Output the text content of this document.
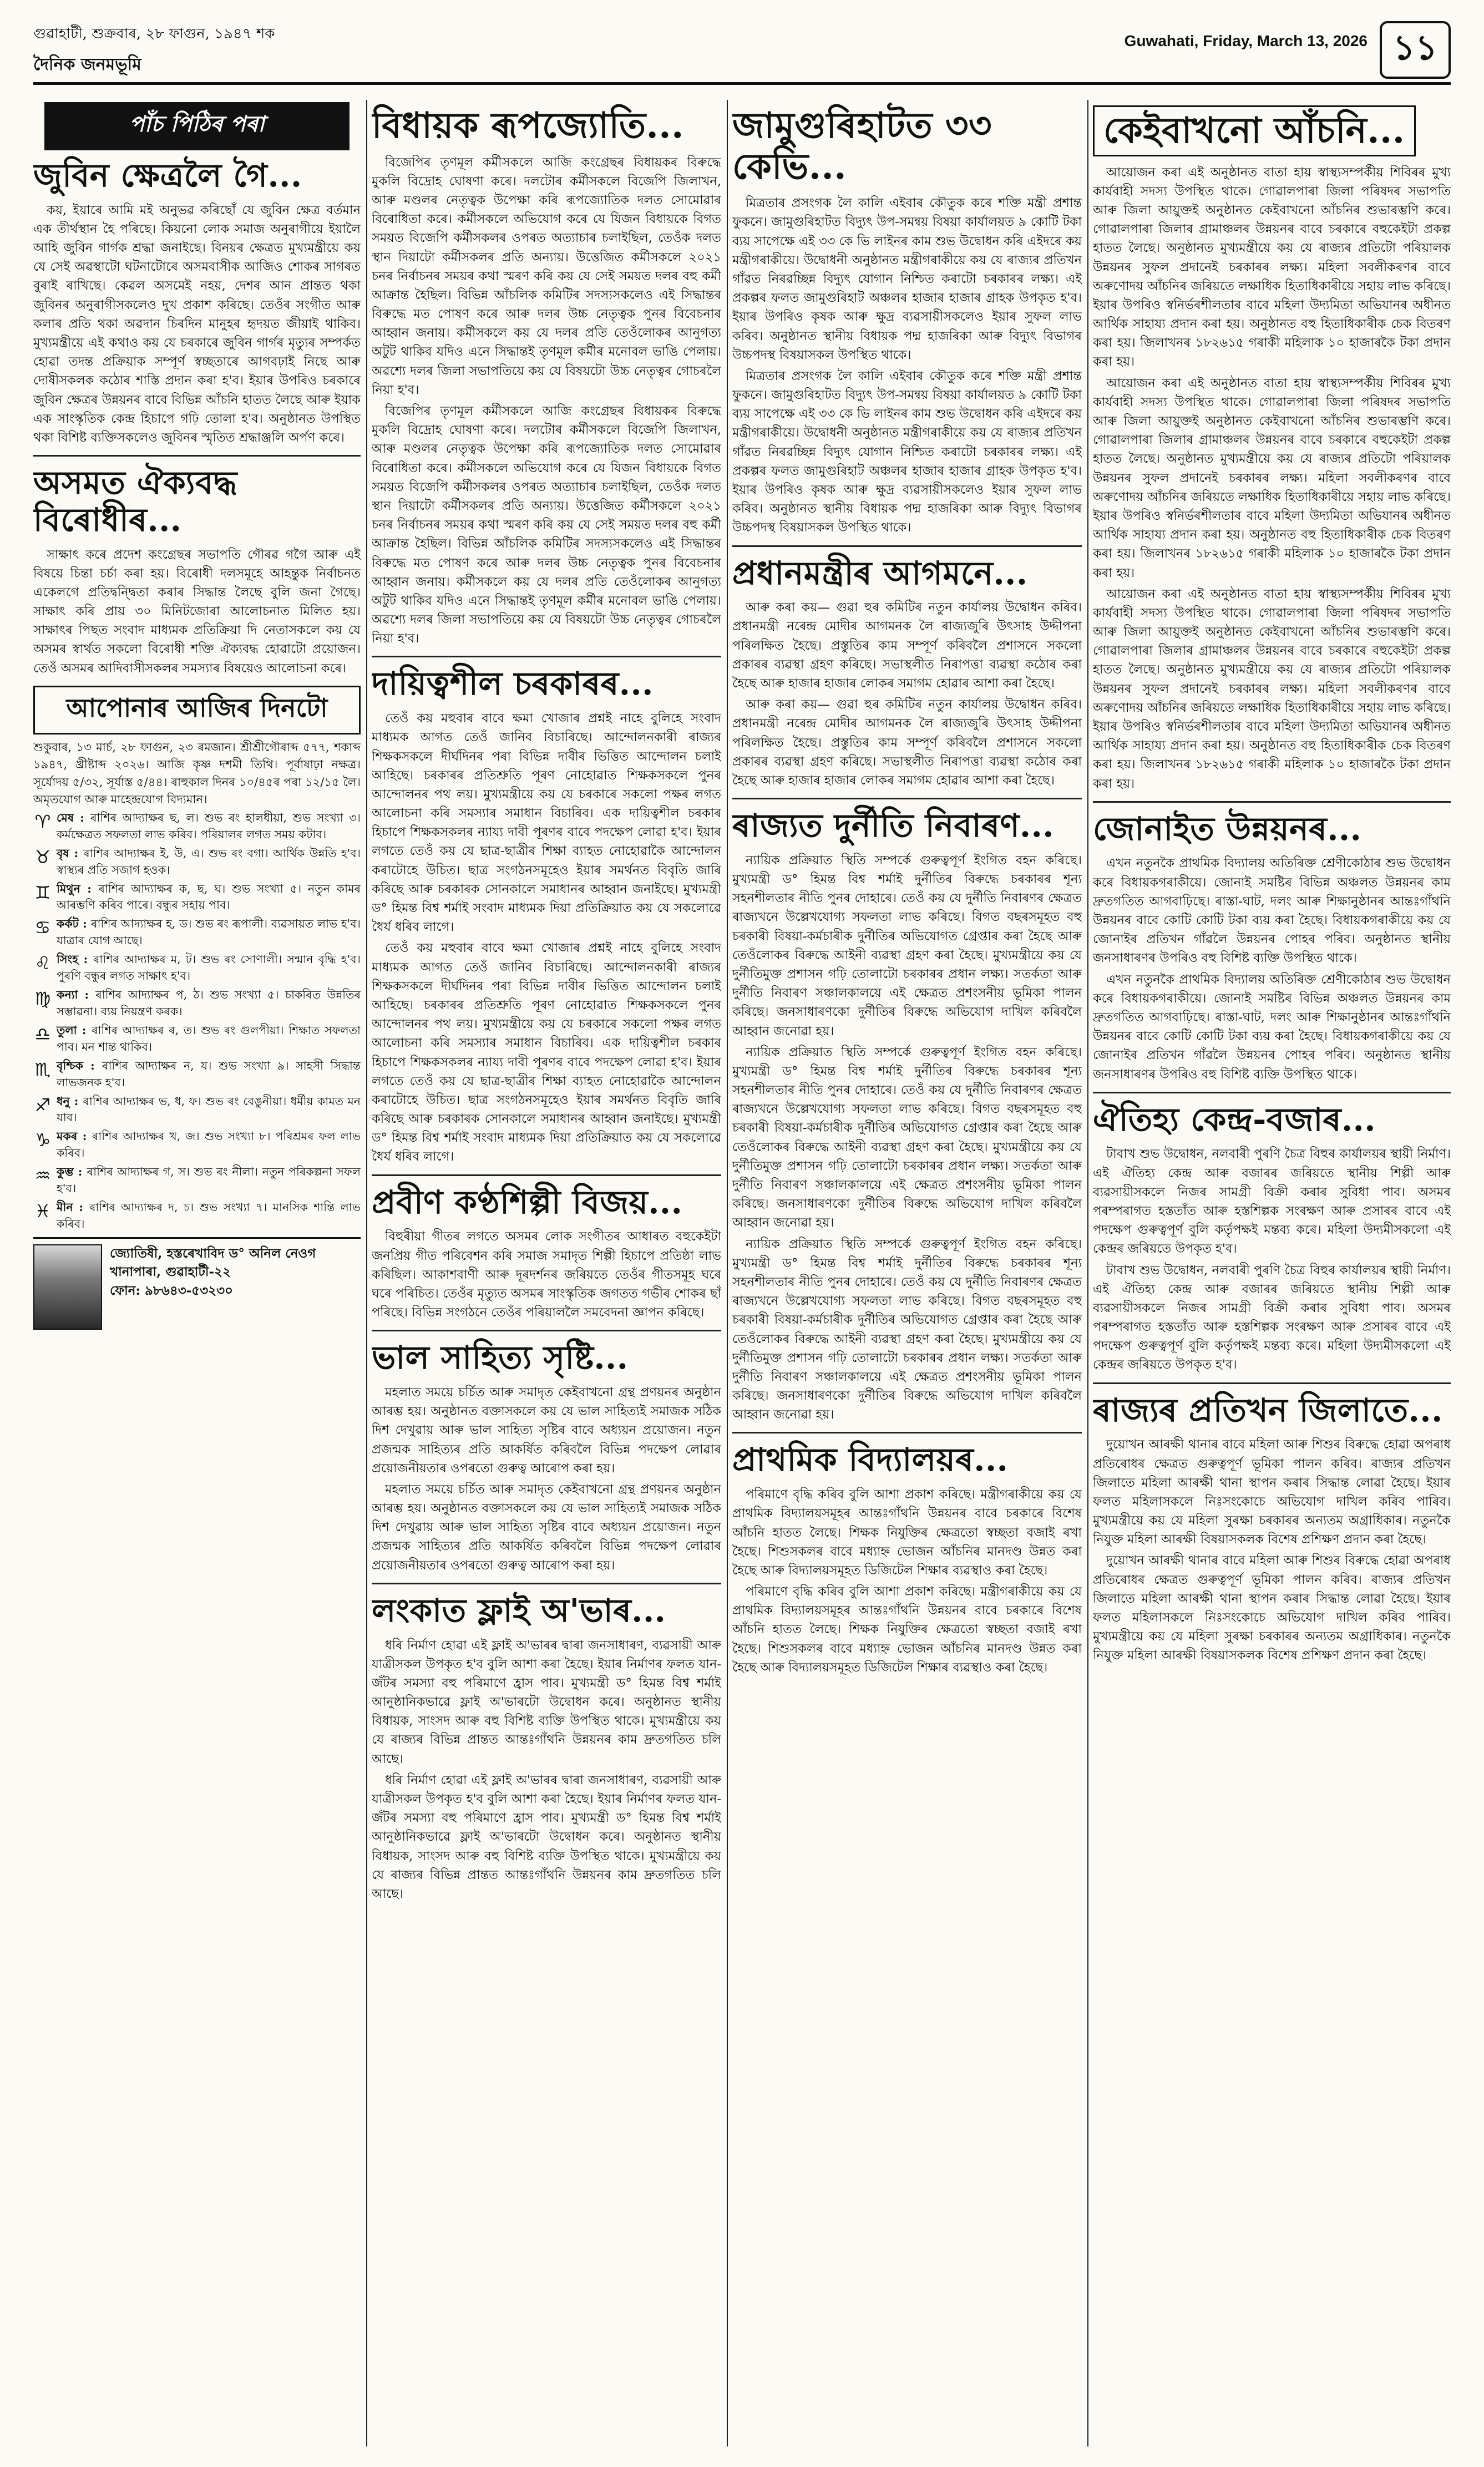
গুৱাহাটী, শুক্ৰবাৰ, ২৮ ফাগুন, ১৯৪৭ শক
দৈনিক জনমভূমি
Guwahati, Friday, March 13, 2026 ১১
পাঁচ পিঠিৰ পৰা
জুবিন ক্ষেত্ৰলৈ গৈ...

কয়, ইয়াৰে আমি মই অনুভৱ কৰিছোঁ যে জুবিন ক্ষেত্ৰ বৰ্তমান এক তীৰ্থস্থান হৈ পৰিছে। কিয়নো লোক সমাজ অনুৰাগীয়ে ইয়ালৈ আহি জুবিন গাৰ্গক শ্ৰদ্ধা জনাইছে। বিনয়ৰ ক্ষেত্ৰত মুখ্যমন্ত্ৰীয়ে কয় যে সেই অৱস্থাটো ঘটনাটোৰে অসমবাসীক আজিও শোকৰ সাগৰত বুৰাই ৰাখিছে। কেৱল অসমেই নহয়, দেশৰ আন প্ৰান্তত থকা জুবিনৰ অনুৰাগীসকলেও দুখ প্ৰকাশ কৰিছে। তেওঁৰ সংগীত আৰু কলাৰ প্ৰতি থকা অৱদান চিৰদিন মানুহৰ হৃদয়ত জীয়াই থাকিব। মুখ্যমন্ত্ৰীয়ে এই কথাও কয় যে চৰকাৰে জুবিন গাৰ্গৰ মৃত্যুৰ সম্পৰ্কত হোৱা তদন্ত প্ৰক্ৰিয়াক সম্পূৰ্ণ স্বচ্ছতাৰে আগবঢ়াই নিছে আৰু দোষীসকলক কঠোৰ শাস্তি প্ৰদান কৰা হ'ব। ইয়াৰ উপৰিও চৰকাৰে জুবিন ক্ষেত্ৰৰ উন্নয়নৰ বাবে বিভিন্ন আঁচনি হাতত লৈছে আৰু ইয়াক এক সাংস্কৃতিক কেন্দ্ৰ হিচাপে গঢ়ি তোলা হ'ব। অনুষ্ঠানত উপস্থিত থকা বিশিষ্ট ব্যক্তিসকলেও জুবিনৰ স্মৃতিত শ্ৰদ্ধাঞ্জলি অৰ্পণ কৰে।

অসমত ঐক্যবদ্ধ বিৰোধীৰ...

সাক্ষাৎ কৰে প্ৰদেশ কংগ্ৰেছৰ সভাপতি গৌৰৱ গগৈ আৰু এই বিষয়ে চিন্তা চৰ্চা কৰা হয়। বিৰোধী দলসমূহে আহন্তুক নিৰ্বাচনত একেলগে প্ৰতিদ্বন্দ্বিতা কৰাৰ সিদ্ধান্ত লৈছে বুলি জনা গৈছে। সাক্ষাৎ কৰি প্ৰায় ৩০ মিনিটজোৰা আলোচনাত মিলিত হয়। সাক্ষাৎৰ পিছত সংবাদ মাধ্যমক প্ৰতিক্ৰিয়া দি নেতাসকলে কয় যে অসমৰ স্বাৰ্থত সকলো বিৰোধী শক্তি ঐক্যবদ্ধ হোৱাটো প্ৰয়োজন। তেওঁ অসমৰ আদিবাসীসকলৰ সমস্যাৰ বিষয়েও আলোচনা কৰে।

আপোনাৰ আজিৰ দিনটো
শুকুবাৰ, ১৩ মাৰ্চ, ২৮ ফাগুন, ২৩ ৰমজান। শ্ৰীশ্ৰীগৌৰাব্দ ৫৭৭, শকাব্দ ১৯৪৭, খ্ৰীষ্টাব্দ ২০২৬। আজি কৃষ্ণ দশমী তিথি। পূৰ্বাষাঢ়া নক্ষত্ৰ। সূৰ্যোদয় ৫/৩২, সূৰ্যাস্ত ৫/৪৪। ৰাহুকাল দিনৰ ১০/৪৫ৰ পৰা ১২/১৫ লৈ। অমৃতযোগ আৰু মাহেন্দ্ৰযোগ বিদ্যমান।
♈ মেষ : ৰাশিৰ আদ্যাক্ষৰ ছ, ল। শুভ ৰং হালধীয়া, শুভ সংখ্যা ৩। কৰ্মক্ষেত্ৰত সফলতা লাভ কৰিব। পৰিয়ালৰ লগত সময় কটাব।
♉ বৃষ : ৰাশিৰ আদ্যাক্ষৰ ই, উ, এ। শুভ ৰং বগা। আৰ্থিক উন্নতি হ'ব। স্বাস্থ্যৰ প্ৰতি সজাগ হওক।
♊ মিথুন : ৰাশিৰ আদ্যাক্ষৰ ক, ছ, ঘ। শুভ সংখ্যা ৫। নতুন কামৰ আৰম্ভণি কৰিব পাৰে। বন্ধুৰ সহায় পাব।
♋ কৰ্কট : ৰাশিৰ আদ্যাক্ষৰ হ, ড। শুভ ৰং ৰূপালী। ব্যৱসায়ত লাভ হ'ব। যাত্ৰাৰ যোগ আছে।
♌ সিংহ : ৰাশিৰ আদ্যাক্ষৰ ম, ট। শুভ ৰং সোণালী। সন্মান বৃদ্ধি হ'ব। পুৰণি বন্ধুৰ লগত সাক্ষাৎ হ'ব।
♍ কন্যা : ৰাশিৰ আদ্যাক্ষৰ প, ঠ। শুভ সংখ্যা ৫। চাকৰিত উন্নতিৰ সম্ভাৱনা। ব্যয় নিয়ন্ত্ৰণ কৰক।
♎ তুলা : ৰাশিৰ আদ্যাক্ষৰ ৰ, ত। শুভ ৰং গুলপীয়া। শিক্ষাত সফলতা পাব। মন শান্ত থাকিব।
♏ বৃশ্চিক : ৰাশিৰ আদ্যাক্ষৰ ন, য। শুভ সংখ্যা ৯। সাহসী সিদ্ধান্ত লাভজনক হ'ব।
♐ ধনু : ৰাশিৰ আদ্যাক্ষৰ ভ, ধ, ফ। শুভ ৰং বেঙুনীয়া। ধৰ্মীয় কামত মন যাব।
♑ মকৰ : ৰাশিৰ আদ্যাক্ষৰ খ, জ। শুভ সংখ্যা ৮। পৰিশ্ৰমৰ ফল লাভ কৰিব।
♒ কুম্ভ : ৰাশিৰ আদ্যাক্ষৰ গ, স। শুভ ৰং নীলা। নতুন পৰিকল্পনা সফল হ'ব।
♓ মীন : ৰাশিৰ আদ্যাক্ষৰ দ, চ। শুভ সংখ্যা ৭। মানসিক শান্তি লাভ কৰিব।
জ্যোতিষী, হস্তৰেখাবিদ ড° অনিল নেওগ
খানাপাৰা, গুৱাহাটী-২২
ফোন: ৯৮৬৪৩-৫৩২৩০
বিধায়ক ৰূপজ্যোতি...

বিজেপিৰ তৃণমূল কৰ্মীসকলে আজি কংগ্ৰেছৰ বিধায়কৰ বিৰুদ্ধে মুকলি বিদ্ৰোহ ঘোষণা কৰে। দলটোৰ কৰ্মীসকলে বিজেপি জিলাখন, আৰু মণ্ডলৰ নেতৃত্বক উপেক্ষা কৰি ৰূপজ্যোতিক দলত সোমোৱাৰ বিৰোধিতা কৰে। কৰ্মীসকলে অভিযোগ কৰে যে যিজন বিধায়কে বিগত সময়ত বিজেপি কৰ্মীসকলৰ ওপৰত অত্যাচাৰ চলাইছিল, তেওঁক দলত স্থান দিয়াটো কৰ্মীসকলৰ প্ৰতি অন্যায়। উত্তেজিত কৰ্মীসকলে ২০২১ চনৰ নিৰ্বাচনৰ সময়ৰ কথা স্মৰণ কৰি কয় যে সেই সময়ত দলৰ বহু কৰ্মী আক্ৰান্ত হৈছিল। বিভিন্ন আঁচলিক কমিটিৰ সদস্যসকলেও এই সিদ্ধান্তৰ বিৰুদ্ধে মত পোষণ কৰে আৰু দলৰ উচ্চ নেতৃত্বক পুনৰ বিবেচনাৰ আহ্বান জনায়। কৰ্মীসকলে কয় যে দলৰ প্ৰতি তেওঁলোকৰ আনুগত্য অটুট থাকিব যদিও এনে সিদ্ধান্তই তৃণমূল কৰ্মীৰ মনোবল ভাঙি পেলায়। অৱশ্যে দলৰ জিলা সভাপতিয়ে কয় যে বিষয়টো উচ্চ নেতৃত্বৰ গোচৰলৈ নিয়া হ'ব।

বিজেপিৰ তৃণমূল কৰ্মীসকলে আজি কংগ্ৰেছৰ বিধায়কৰ বিৰুদ্ধে মুকলি বিদ্ৰোহ ঘোষণা কৰে। দলটোৰ কৰ্মীসকলে বিজেপি জিলাখন, আৰু মণ্ডলৰ নেতৃত্বক উপেক্ষা কৰি ৰূপজ্যোতিক দলত সোমোৱাৰ বিৰোধিতা কৰে। কৰ্মীসকলে অভিযোগ কৰে যে যিজন বিধায়কে বিগত সময়ত বিজেপি কৰ্মীসকলৰ ওপৰত অত্যাচাৰ চলাইছিল, তেওঁক দলত স্থান দিয়াটো কৰ্মীসকলৰ প্ৰতি অন্যায়। উত্তেজিত কৰ্মীসকলে ২০২১ চনৰ নিৰ্বাচনৰ সময়ৰ কথা স্মৰণ কৰি কয় যে সেই সময়ত দলৰ বহু কৰ্মী আক্ৰান্ত হৈছিল। বিভিন্ন আঁচলিক কমিটিৰ সদস্যসকলেও এই সিদ্ধান্তৰ বিৰুদ্ধে মত পোষণ কৰে আৰু দলৰ উচ্চ নেতৃত্বক পুনৰ বিবেচনাৰ আহ্বান জনায়। কৰ্মীসকলে কয় যে দলৰ প্ৰতি তেওঁলোকৰ আনুগত্য অটুট থাকিব যদিও এনে সিদ্ধান্তই তৃণমূল কৰ্মীৰ মনোবল ভাঙি পেলায়। অৱশ্যে দলৰ জিলা সভাপতিয়ে কয় যে বিষয়টো উচ্চ নেতৃত্বৰ গোচৰলৈ নিয়া হ'ব।

দায়িত্বশীল চৰকাৰৰ...

তেওঁ কয় মহুবাৰ বাবে ক্ষমা খোজাৰ প্ৰশ্নই নাহে বুলিহে সংবাদ মাধ্যমক আগত তেওঁ জানিব বিচাৰিছে। আন্দোলনকাৰী ৰাজ্যৰ শিক্ষকসকলে দীৰ্ঘদিনৰ পৰা বিভিন্ন দাবীৰ ভিত্তিত আন্দোলন চলাই আহিছে। চৰকাৰৰ প্ৰতিশ্ৰুতি পূৰণ নোহোৱাত শিক্ষকসকলে পুনৰ আন্দোলনৰ পথ লয়। মুখ্যমন্ত্ৰীয়ে কয় যে চৰকাৰে সকলো পক্ষৰ লগত আলোচনা কৰি সমস্যাৰ সমাধান বিচাৰিব। এক দায়িত্বশীল চৰকাৰ হিচাপে শিক্ষকসকলৰ ন্যায্য দাবী পূৰণৰ বাবে পদক্ষেপ লোৱা হ'ব। ইয়াৰ লগতে তেওঁ কয় যে ছাত্ৰ-ছাত্ৰীৰ শিক্ষা ব্যাহত নোহোৱাকৈ আন্দোলন কৰাটোহে উচিত। ছাত্ৰ সংগঠনসমূহেও ইয়াৰ সমৰ্থনত বিবৃতি জাৰি কৰিছে আৰু চৰকাৰক সোনকালে সমাধানৰ আহ্বান জনাইছে। মুখ্যমন্ত্ৰী ড° হিমন্ত বিশ্ব শৰ্মাই সংবাদ মাধ্যমক দিয়া প্ৰতিক্ৰিয়াত কয় যে সকলোৱে ধৈৰ্য ধৰিব লাগে।

তেওঁ কয় মহুবাৰ বাবে ক্ষমা খোজাৰ প্ৰশ্নই নাহে বুলিহে সংবাদ মাধ্যমক আগত তেওঁ জানিব বিচাৰিছে। আন্দোলনকাৰী ৰাজ্যৰ শিক্ষকসকলে দীৰ্ঘদিনৰ পৰা বিভিন্ন দাবীৰ ভিত্তিত আন্দোলন চলাই আহিছে। চৰকাৰৰ প্ৰতিশ্ৰুতি পূৰণ নোহোৱাত শিক্ষকসকলে পুনৰ আন্দোলনৰ পথ লয়। মুখ্যমন্ত্ৰীয়ে কয় যে চৰকাৰে সকলো পক্ষৰ লগত আলোচনা কৰি সমস্যাৰ সমাধান বিচাৰিব। এক দায়িত্বশীল চৰকাৰ হিচাপে শিক্ষকসকলৰ ন্যায্য দাবী পূৰণৰ বাবে পদক্ষেপ লোৱা হ'ব। ইয়াৰ লগতে তেওঁ কয় যে ছাত্ৰ-ছাত্ৰীৰ শিক্ষা ব্যাহত নোহোৱাকৈ আন্দোলন কৰাটোহে উচিত। ছাত্ৰ সংগঠনসমূহেও ইয়াৰ সমৰ্থনত বিবৃতি জাৰি কৰিছে আৰু চৰকাৰক সোনকালে সমাধানৰ আহ্বান জনাইছে। মুখ্যমন্ত্ৰী ড° হিমন্ত বিশ্ব শৰ্মাই সংবাদ মাধ্যমক দিয়া প্ৰতিক্ৰিয়াত কয় যে সকলোৱে ধৈৰ্য ধৰিব লাগে।

প্ৰবীণ কণ্ঠশিল্পী বিজয়...

বিহুৰীয়া গীতৰ লগতে অসমৰ লোক সংগীতৰ আধাৰত বহুকেইটা জনপ্ৰিয় গীত পৰিবেশন কৰি সমাজ সমাদৃত শিল্পী হিচাপে প্ৰতিষ্ঠা লাভ কৰিছিল। আকাশবাণী আৰু দূৰদৰ্শনৰ জৰিয়তে তেওঁৰ গীতসমূহ ঘৰে ঘৰে পৰিচিত। তেওঁৰ মৃত্যুত অসমৰ সাংস্কৃতিক জগতত গভীৰ শোকৰ ছাঁ পৰিছে। বিভিন্ন সংগঠনে তেওঁৰ পৰিয়াললৈ সমবেদনা জ্ঞাপন কৰিছে।

ভাল সাহিত্য সৃষ্টি...

মহলাত সময়ে চৰ্চিত আৰু সমাদৃত কেইবাখনো গ্ৰন্থ প্ৰণয়নৰ অনুষ্ঠান আৰম্ভ হয়। অনুষ্ঠানত বক্তাসকলে কয় যে ভাল সাহিত্যই সমাজক সঠিক দিশ দেখুৱায় আৰু ভাল সাহিত্য সৃষ্টিৰ বাবে অধ্যয়ন প্ৰয়োজন। নতুন প্ৰজন্মক সাহিত্যৰ প্ৰতি আকৰ্ষিত কৰিবলৈ বিভিন্ন পদক্ষেপ লোৱাৰ প্ৰয়োজনীয়তাৰ ওপৰতো গুৰুত্ব আৰোপ কৰা হয়।

মহলাত সময়ে চৰ্চিত আৰু সমাদৃত কেইবাখনো গ্ৰন্থ প্ৰণয়নৰ অনুষ্ঠান আৰম্ভ হয়। অনুষ্ঠানত বক্তাসকলে কয় যে ভাল সাহিত্যই সমাজক সঠিক দিশ দেখুৱায় আৰু ভাল সাহিত্য সৃষ্টিৰ বাবে অধ্যয়ন প্ৰয়োজন। নতুন প্ৰজন্মক সাহিত্যৰ প্ৰতি আকৰ্ষিত কৰিবলৈ বিভিন্ন পদক্ষেপ লোৱাৰ প্ৰয়োজনীয়তাৰ ওপৰতো গুৰুত্ব আৰোপ কৰা হয়।

লংকাত ফ্লাই অ'ভাৰ...

ধৰি নিৰ্মাণ হোৱা এই ফ্লাই অ'ভাৰৰ দ্বাৰা জনসাধাৰণ, ব্যৱসায়ী আৰু যাত্ৰীসকল উপকৃত হ'ব বুলি আশা কৰা হৈছে। ইয়াৰ নিৰ্মাণৰ ফলত যান-জঁটৰ সমস্যা বহু পৰিমাণে হ্ৰাস পাব। মুখ্যমন্ত্ৰী ড° হিমন্ত বিশ্ব শৰ্মাই আনুষ্ঠানিকভাৱে ফ্লাই অ'ভাৰটো উদ্বোধন কৰে। অনুষ্ঠানত স্থানীয় বিধায়ক, সাংসদ আৰু বহু বিশিষ্ট ব্যক্তি উপস্থিত থাকে। মুখ্যমন্ত্ৰীয়ে কয় যে ৰাজ্যৰ বিভিন্ন প্ৰান্তত আন্তঃগাঁথনি উন্নয়নৰ কাম দ্ৰুতগতিত চলি আছে।

ধৰি নিৰ্মাণ হোৱা এই ফ্লাই অ'ভাৰৰ দ্বাৰা জনসাধাৰণ, ব্যৱসায়ী আৰু যাত্ৰীসকল উপকৃত হ'ব বুলি আশা কৰা হৈছে। ইয়াৰ নিৰ্মাণৰ ফলত যান-জঁটৰ সমস্যা বহু পৰিমাণে হ্ৰাস পাব। মুখ্যমন্ত্ৰী ড° হিমন্ত বিশ্ব শৰ্মাই আনুষ্ঠানিকভাৱে ফ্লাই অ'ভাৰটো উদ্বোধন কৰে। অনুষ্ঠানত স্থানীয় বিধায়ক, সাংসদ আৰু বহু বিশিষ্ট ব্যক্তি উপস্থিত থাকে। মুখ্যমন্ত্ৰীয়ে কয় যে ৰাজ্যৰ বিভিন্ন প্ৰান্তত আন্তঃগাঁথনি উন্নয়নৰ কাম দ্ৰুতগতিত চলি আছে।

জামুগুৰিহাটত ৩৩ কেভি...

মিত্ৰতাৰ প্ৰসংগক লৈ কালি এইবাৰ কৌতুক কৰে শক্তি মন্ত্ৰী প্ৰশান্ত ফুকনে। জামুগুৰিহাটত বিদ্যুৎ উপ-সমন্বয় বিষয়া কাৰ্যালয়ত ৯ কোটি টকা ব্যয় সাপেক্ষে এই ৩৩ কে ভি লাইনৰ কাম শুভ উদ্বোধন কৰি এইদৰে কয় মন্ত্ৰীগৰাকীয়ে। উদ্বোধনী অনুষ্ঠানত মন্ত্ৰীগৰাকীয়ে কয় যে ৰাজ্যৰ প্ৰতিখন গাঁৱত নিৰৱচ্ছিন্ন বিদ্যুৎ যোগান নিশ্চিত কৰাটো চৰকাৰৰ লক্ষ্য। এই প্ৰকল্পৰ ফলত জামুগুৰিহাট অঞ্চলৰ হাজাৰ হাজাৰ গ্ৰাহক উপকৃত হ'ব। ইয়াৰ উপৰিও কৃষক আৰু ক্ষুদ্ৰ ব্যৱসায়ীসকলেও ইয়াৰ সুফল লাভ কৰিব। অনুষ্ঠানত স্থানীয় বিধায়ক পদ্ম হাজৰিকা আৰু বিদ্যুৎ বিভাগৰ উচ্চপদস্থ বিষয়াসকল উপস্থিত থাকে।

মিত্ৰতাৰ প্ৰসংগক লৈ কালি এইবাৰ কৌতুক কৰে শক্তি মন্ত্ৰী প্ৰশান্ত ফুকনে। জামুগুৰিহাটত বিদ্যুৎ উপ-সমন্বয় বিষয়া কাৰ্যালয়ত ৯ কোটি টকা ব্যয় সাপেক্ষে এই ৩৩ কে ভি লাইনৰ কাম শুভ উদ্বোধন কৰি এইদৰে কয় মন্ত্ৰীগৰাকীয়ে। উদ্বোধনী অনুষ্ঠানত মন্ত্ৰীগৰাকীয়ে কয় যে ৰাজ্যৰ প্ৰতিখন গাঁৱত নিৰৱচ্ছিন্ন বিদ্যুৎ যোগান নিশ্চিত কৰাটো চৰকাৰৰ লক্ষ্য। এই প্ৰকল্পৰ ফলত জামুগুৰিহাট অঞ্চলৰ হাজাৰ হাজাৰ গ্ৰাহক উপকৃত হ'ব। ইয়াৰ উপৰিও কৃষক আৰু ক্ষুদ্ৰ ব্যৱসায়ীসকলেও ইয়াৰ সুফল লাভ কৰিব। অনুষ্ঠানত স্থানীয় বিধায়ক পদ্ম হাজৰিকা আৰু বিদ্যুৎ বিভাগৰ উচ্চপদস্থ বিষয়াসকল উপস্থিত থাকে।

প্ৰধানমন্ত্ৰীৰ আগমনে...

আৰু কৰা কয়— গুৱা হুৰ কমিটিৰ নতুন কাৰ্যালয় উদ্বোধন কৰিব। প্ৰধানমন্ত্ৰী নৰেন্দ্ৰ মোদীৰ আগমনক লৈ ৰাজ্যজুৰি উৎসাহ উদ্দীপনা পৰিলক্ষিত হৈছে। প্ৰস্তুতিৰ কাম সম্পূৰ্ণ কৰিবলৈ প্ৰশাসনে সকলো প্ৰকাৰৰ ব্যৱস্থা গ্ৰহণ কৰিছে। সভাস্থলীত নিৰাপত্তা ব্যৱস্থা কঠোৰ কৰা হৈছে আৰু হাজাৰ হাজাৰ লোকৰ সমাগম হোৱাৰ আশা কৰা হৈছে।

আৰু কৰা কয়— গুৱা হুৰ কমিটিৰ নতুন কাৰ্যালয় উদ্বোধন কৰিব। প্ৰধানমন্ত্ৰী নৰেন্দ্ৰ মোদীৰ আগমনক লৈ ৰাজ্যজুৰি উৎসাহ উদ্দীপনা পৰিলক্ষিত হৈছে। প্ৰস্তুতিৰ কাম সম্পূৰ্ণ কৰিবলৈ প্ৰশাসনে সকলো প্ৰকাৰৰ ব্যৱস্থা গ্ৰহণ কৰিছে। সভাস্থলীত নিৰাপত্তা ব্যৱস্থা কঠোৰ কৰা হৈছে আৰু হাজাৰ হাজাৰ লোকৰ সমাগম হোৱাৰ আশা কৰা হৈছে।

ৰাজ্যত দুৰ্নীতি নিবাৰণ...

ন্যায়িক প্ৰক্ৰিয়াত স্থিতি সম্পৰ্কে গুৰুত্বপূৰ্ণ ইংগিত বহন কৰিছে। মুখ্যমন্ত্ৰী ড° হিমন্ত বিশ্ব শৰ্মাই দুৰ্নীতিৰ বিৰুদ্ধে চৰকাৰৰ শূন্য সহনশীলতাৰ নীতি পুনৰ দোহাৰে। তেওঁ কয় যে দুৰ্নীতি নিবাৰণৰ ক্ষেত্ৰত ৰাজ্যখনে উল্লেখযোগ্য সফলতা লাভ কৰিছে। বিগত বছৰসমূহত বহু চৰকাৰী বিষয়া-কৰ্মচাৰীক দুৰ্নীতিৰ অভিযোগত গ্ৰেপ্তাৰ কৰা হৈছে আৰু তেওঁলোকৰ বিৰুদ্ধে আইনী ব্যৱস্থা গ্ৰহণ কৰা হৈছে। মুখ্যমন্ত্ৰীয়ে কয় যে দুৰ্নীতিমুক্ত প্ৰশাসন গঢ়ি তোলাটো চৰকাৰৰ প্ৰধান লক্ষ্য। সতৰ্কতা আৰু দুৰ্নীতি নিবাৰণ সঞ্চালকালয়ে এই ক্ষেত্ৰত প্ৰশংসনীয় ভূমিকা পালন কৰিছে। জনসাধাৰণকো দুৰ্নীতিৰ বিৰুদ্ধে অভিযোগ দাখিল কৰিবলৈ আহ্বান জনোৱা হয়।

ন্যায়িক প্ৰক্ৰিয়াত স্থিতি সম্পৰ্কে গুৰুত্বপূৰ্ণ ইংগিত বহন কৰিছে। মুখ্যমন্ত্ৰী ড° হিমন্ত বিশ্ব শৰ্মাই দুৰ্নীতিৰ বিৰুদ্ধে চৰকাৰৰ শূন্য সহনশীলতাৰ নীতি পুনৰ দোহাৰে। তেওঁ কয় যে দুৰ্নীতি নিবাৰণৰ ক্ষেত্ৰত ৰাজ্যখনে উল্লেখযোগ্য সফলতা লাভ কৰিছে। বিগত বছৰসমূহত বহু চৰকাৰী বিষয়া-কৰ্মচাৰীক দুৰ্নীতিৰ অভিযোগত গ্ৰেপ্তাৰ কৰা হৈছে আৰু তেওঁলোকৰ বিৰুদ্ধে আইনী ব্যৱস্থা গ্ৰহণ কৰা হৈছে। মুখ্যমন্ত্ৰীয়ে কয় যে দুৰ্নীতিমুক্ত প্ৰশাসন গঢ়ি তোলাটো চৰকাৰৰ প্ৰধান লক্ষ্য। সতৰ্কতা আৰু দুৰ্নীতি নিবাৰণ সঞ্চালকালয়ে এই ক্ষেত্ৰত প্ৰশংসনীয় ভূমিকা পালন কৰিছে। জনসাধাৰণকো দুৰ্নীতিৰ বিৰুদ্ধে অভিযোগ দাখিল কৰিবলৈ আহ্বান জনোৱা হয়।

ন্যায়িক প্ৰক্ৰিয়াত স্থিতি সম্পৰ্কে গুৰুত্বপূৰ্ণ ইংগিত বহন কৰিছে। মুখ্যমন্ত্ৰী ড° হিমন্ত বিশ্ব শৰ্মাই দুৰ্নীতিৰ বিৰুদ্ধে চৰকাৰৰ শূন্য সহনশীলতাৰ নীতি পুনৰ দোহাৰে। তেওঁ কয় যে দুৰ্নীতি নিবাৰণৰ ক্ষেত্ৰত ৰাজ্যখনে উল্লেখযোগ্য সফলতা লাভ কৰিছে। বিগত বছৰসমূহত বহু চৰকাৰী বিষয়া-কৰ্মচাৰীক দুৰ্নীতিৰ অভিযোগত গ্ৰেপ্তাৰ কৰা হৈছে আৰু তেওঁলোকৰ বিৰুদ্ধে আইনী ব্যৱস্থা গ্ৰহণ কৰা হৈছে। মুখ্যমন্ত্ৰীয়ে কয় যে দুৰ্নীতিমুক্ত প্ৰশাসন গঢ়ি তোলাটো চৰকাৰৰ প্ৰধান লক্ষ্য। সতৰ্কতা আৰু দুৰ্নীতি নিবাৰণ সঞ্চালকালয়ে এই ক্ষেত্ৰত প্ৰশংসনীয় ভূমিকা পালন কৰিছে। জনসাধাৰণকো দুৰ্নীতিৰ বিৰুদ্ধে অভিযোগ দাখিল কৰিবলৈ আহ্বান জনোৱা হয়।

প্ৰাথমিক বিদ্যালয়ৰ...

পৰিমাণে বৃদ্ধি কৰিব বুলি আশা প্ৰকাশ কৰিছে। মন্ত্ৰীগৰাকীয়ে কয় যে প্ৰাথমিক বিদ্যালয়সমূহৰ আন্তঃগাঁথনি উন্নয়নৰ বাবে চৰকাৰে বিশেষ আঁচনি হাতত লৈছে। শিক্ষক নিযুক্তিৰ ক্ষেত্ৰতো স্বচ্ছতা বজাই ৰখা হৈছে। শিশুসকলৰ বাবে মধ্যাহ্ন ভোজন আঁচনিৰ মানদণ্ড উন্নত কৰা হৈছে আৰু বিদ্যালয়সমূহত ডিজিটেল শিক্ষাৰ ব্যৱস্থাও কৰা হৈছে।

পৰিমাণে বৃদ্ধি কৰিব বুলি আশা প্ৰকাশ কৰিছে। মন্ত্ৰীগৰাকীয়ে কয় যে প্ৰাথমিক বিদ্যালয়সমূহৰ আন্তঃগাঁথনি উন্নয়নৰ বাবে চৰকাৰে বিশেষ আঁচনি হাতত লৈছে। শিক্ষক নিযুক্তিৰ ক্ষেত্ৰতো স্বচ্ছতা বজাই ৰখা হৈছে। শিশুসকলৰ বাবে মধ্যাহ্ন ভোজন আঁচনিৰ মানদণ্ড উন্নত কৰা হৈছে আৰু বিদ্যালয়সমূহত ডিজিটেল শিক্ষাৰ ব্যৱস্থাও কৰা হৈছে।

কেইবাখনো আঁচনি...

আয়োজন কৰা এই অনুষ্ঠানত বাতা হায় স্বাস্থ্যসম্পৰ্কীয় শিবিৰৰ মুখ্য কাৰ্যবাহী সদস্য উপস্থিত থাকে। গোৱালপাৰা জিলা পৰিষদৰ সভাপতি আৰু জিলা আয়ুক্তই অনুষ্ঠানত কেইবাখনো আঁচনিৰ শুভাৰম্ভণি কৰে। গোৱালপাৰা জিলাৰ গ্ৰামাঞ্চলৰ উন্নয়নৰ বাবে চৰকাৰে বহুকেইটা প্ৰকল্প হাতত লৈছে। অনুষ্ঠানত মুখ্যমন্ত্ৰীয়ে কয় যে ৰাজ্যৰ প্ৰতিটো পৰিয়ালক উন্নয়নৰ সুফল প্ৰদানেই চৰকাৰৰ লক্ষ্য। মহিলা সবলীকৰণৰ বাবে অৰুণোদয় আঁচনিৰ জৰিয়তে লক্ষাধিক হিতাধিকাৰীয়ে সহায় লাভ কৰিছে। ইয়াৰ উপৰিও স্বনিৰ্ভৰশীলতাৰ বাবে মহিলা উদ্যমিতা অভিযানৰ অধীনত আৰ্থিক সাহায্য প্ৰদান কৰা হয়। অনুষ্ঠানত বহু হিতাধিকাৰীক চেক বিতৰণ কৰা হয়। জিলাখনৰ ১৮২৬১৫ গৰাকী মহিলাক ১০ হাজাৰকৈ টকা প্ৰদান কৰা হয়।

আয়োজন কৰা এই অনুষ্ঠানত বাতা হায় স্বাস্থ্যসম্পৰ্কীয় শিবিৰৰ মুখ্য কাৰ্যবাহী সদস্য উপস্থিত থাকে। গোৱালপাৰা জিলা পৰিষদৰ সভাপতি আৰু জিলা আয়ুক্তই অনুষ্ঠানত কেইবাখনো আঁচনিৰ শুভাৰম্ভণি কৰে। গোৱালপাৰা জিলাৰ গ্ৰামাঞ্চলৰ উন্নয়নৰ বাবে চৰকাৰে বহুকেইটা প্ৰকল্প হাতত লৈছে। অনুষ্ঠানত মুখ্যমন্ত্ৰীয়ে কয় যে ৰাজ্যৰ প্ৰতিটো পৰিয়ালক উন্নয়নৰ সুফল প্ৰদানেই চৰকাৰৰ লক্ষ্য। মহিলা সবলীকৰণৰ বাবে অৰুণোদয় আঁচনিৰ জৰিয়তে লক্ষাধিক হিতাধিকাৰীয়ে সহায় লাভ কৰিছে। ইয়াৰ উপৰিও স্বনিৰ্ভৰশীলতাৰ বাবে মহিলা উদ্যমিতা অভিযানৰ অধীনত আৰ্থিক সাহায্য প্ৰদান কৰা হয়। অনুষ্ঠানত বহু হিতাধিকাৰীক চেক বিতৰণ কৰা হয়। জিলাখনৰ ১৮২৬১৫ গৰাকী মহিলাক ১০ হাজাৰকৈ টকা প্ৰদান কৰা হয়।

আয়োজন কৰা এই অনুষ্ঠানত বাতা হায় স্বাস্থ্যসম্পৰ্কীয় শিবিৰৰ মুখ্য কাৰ্যবাহী সদস্য উপস্থিত থাকে। গোৱালপাৰা জিলা পৰিষদৰ সভাপতি আৰু জিলা আয়ুক্তই অনুষ্ঠানত কেইবাখনো আঁচনিৰ শুভাৰম্ভণি কৰে। গোৱালপাৰা জিলাৰ গ্ৰামাঞ্চলৰ উন্নয়নৰ বাবে চৰকাৰে বহুকেইটা প্ৰকল্প হাতত লৈছে। অনুষ্ঠানত মুখ্যমন্ত্ৰীয়ে কয় যে ৰাজ্যৰ প্ৰতিটো পৰিয়ালক উন্নয়নৰ সুফল প্ৰদানেই চৰকাৰৰ লক্ষ্য। মহিলা সবলীকৰণৰ বাবে অৰুণোদয় আঁচনিৰ জৰিয়তে লক্ষাধিক হিতাধিকাৰীয়ে সহায় লাভ কৰিছে। ইয়াৰ উপৰিও স্বনিৰ্ভৰশীলতাৰ বাবে মহিলা উদ্যমিতা অভিযানৰ অধীনত আৰ্থিক সাহায্য প্ৰদান কৰা হয়। অনুষ্ঠানত বহু হিতাধিকাৰীক চেক বিতৰণ কৰা হয়। জিলাখনৰ ১৮২৬১৫ গৰাকী মহিলাক ১০ হাজাৰকৈ টকা প্ৰদান কৰা হয়।

জোনাইত উন্নয়নৰ...

এখন নতুনকৈ প্ৰাথমিক বিদ্যালয় অতিৰিক্ত শ্ৰেণীকোঠাৰ শুভ উদ্বোধন কৰে বিধায়কগৰাকীয়ে। জোনাই সমষ্টিৰ বিভিন্ন অঞ্চলত উন্নয়নৰ কাম দ্ৰুতগতিত আগবাঢ়িছে। ৰাস্তা-ঘাট, দলং আৰু শিক্ষানুষ্ঠানৰ আন্তঃগাঁথনি উন্নয়নৰ বাবে কোটি কোটি টকা ব্যয় কৰা হৈছে। বিধায়কগৰাকীয়ে কয় যে জোনাইৰ প্ৰতিখন গাঁৱলৈ উন্নয়নৰ পোহৰ পৰিব। অনুষ্ঠানত স্থানীয় জনসাধাৰণৰ উপৰিও বহু বিশিষ্ট ব্যক্তি উপস্থিত থাকে।

এখন নতুনকৈ প্ৰাথমিক বিদ্যালয় অতিৰিক্ত শ্ৰেণীকোঠাৰ শুভ উদ্বোধন কৰে বিধায়কগৰাকীয়ে। জোনাই সমষ্টিৰ বিভিন্ন অঞ্চলত উন্নয়নৰ কাম দ্ৰুতগতিত আগবাঢ়িছে। ৰাস্তা-ঘাট, দলং আৰু শিক্ষানুষ্ঠানৰ আন্তঃগাঁথনি উন্নয়নৰ বাবে কোটি কোটি টকা ব্যয় কৰা হৈছে। বিধায়কগৰাকীয়ে কয় যে জোনাইৰ প্ৰতিখন গাঁৱলৈ উন্নয়নৰ পোহৰ পৰিব। অনুষ্ঠানত স্থানীয় জনসাধাৰণৰ উপৰিও বহু বিশিষ্ট ব্যক্তি উপস্থিত থাকে।

ঐতিহ্য কেন্দ্ৰ-বজাৰ...

টাবাখ শুভ উদ্বোধন, নলবাৰী পুৰণি চৈত্ৰ বিহুৰ কাৰ্যালয়ৰ স্থায়ী নিৰ্মাণ। এই ঐতিহ্য কেন্দ্ৰ আৰু বজাৰৰ জৰিয়তে স্থানীয় শিল্পী আৰু ব্যৱসায়ীসকলে নিজৰ সামগ্ৰী বিক্ৰী কৰাৰ সুবিধা পাব। অসমৰ পৰম্পৰাগত হস্ততাঁত আৰু হস্তশিল্পক সংৰক্ষণ আৰু প্ৰসাৰৰ বাবে এই পদক্ষেপ গুৰুত্বপূৰ্ণ বুলি কৰ্তৃপক্ষই মন্তব্য কৰে। মহিলা উদ্যমীসকলো এই কেন্দ্ৰৰ জৰিয়তে উপকৃত হ'ব।

টাবাখ শুভ উদ্বোধন, নলবাৰী পুৰণি চৈত্ৰ বিহুৰ কাৰ্যালয়ৰ স্থায়ী নিৰ্মাণ। এই ঐতিহ্য কেন্দ্ৰ আৰু বজাৰৰ জৰিয়তে স্থানীয় শিল্পী আৰু ব্যৱসায়ীসকলে নিজৰ সামগ্ৰী বিক্ৰী কৰাৰ সুবিধা পাব। অসমৰ পৰম্পৰাগত হস্ততাঁত আৰু হস্তশিল্পক সংৰক্ষণ আৰু প্ৰসাৰৰ বাবে এই পদক্ষেপ গুৰুত্বপূৰ্ণ বুলি কৰ্তৃপক্ষই মন্তব্য কৰে। মহিলা উদ্যমীসকলো এই কেন্দ্ৰৰ জৰিয়তে উপকৃত হ'ব।

ৰাজ্যৰ প্ৰতিখন জিলাতে...

দুয়োখন আৰক্ষী থানাৰ বাবে মহিলা আৰু শিশুৰ বিৰুদ্ধে হোৱা অপৰাধ প্ৰতিৰোধৰ ক্ষেত্ৰত গুৰুত্বপূৰ্ণ ভূমিকা পালন কৰিব। ৰাজ্যৰ প্ৰতিখন জিলাতে মহিলা আৰক্ষী থানা স্থাপন কৰাৰ সিদ্ধান্ত লোৱা হৈছে। ইয়াৰ ফলত মহিলাসকলে নিঃসংকোচে অভিযোগ দাখিল কৰিব পাৰিব। মুখ্যমন্ত্ৰীয়ে কয় যে মহিলা সুৰক্ষা চৰকাৰৰ অন্যতম অগ্ৰাধিকাৰ। নতুনকৈ নিযুক্ত মহিলা আৰক্ষী বিষয়াসকলক বিশেষ প্ৰশিক্ষণ প্ৰদান কৰা হৈছে।

দুয়োখন আৰক্ষী থানাৰ বাবে মহিলা আৰু শিশুৰ বিৰুদ্ধে হোৱা অপৰাধ প্ৰতিৰোধৰ ক্ষেত্ৰত গুৰুত্বপূৰ্ণ ভূমিকা পালন কৰিব। ৰাজ্যৰ প্ৰতিখন জিলাতে মহিলা আৰক্ষী থানা স্থাপন কৰাৰ সিদ্ধান্ত লোৱা হৈছে। ইয়াৰ ফলত মহিলাসকলে নিঃসংকোচে অভিযোগ দাখিল কৰিব পাৰিব। মুখ্যমন্ত্ৰীয়ে কয় যে মহিলা সুৰক্ষা চৰকাৰৰ অন্যতম অগ্ৰাধিকাৰ। নতুনকৈ নিযুক্ত মহিলা আৰক্ষী বিষয়াসকলক বিশেষ প্ৰশিক্ষণ প্ৰদান কৰা হৈছে।
